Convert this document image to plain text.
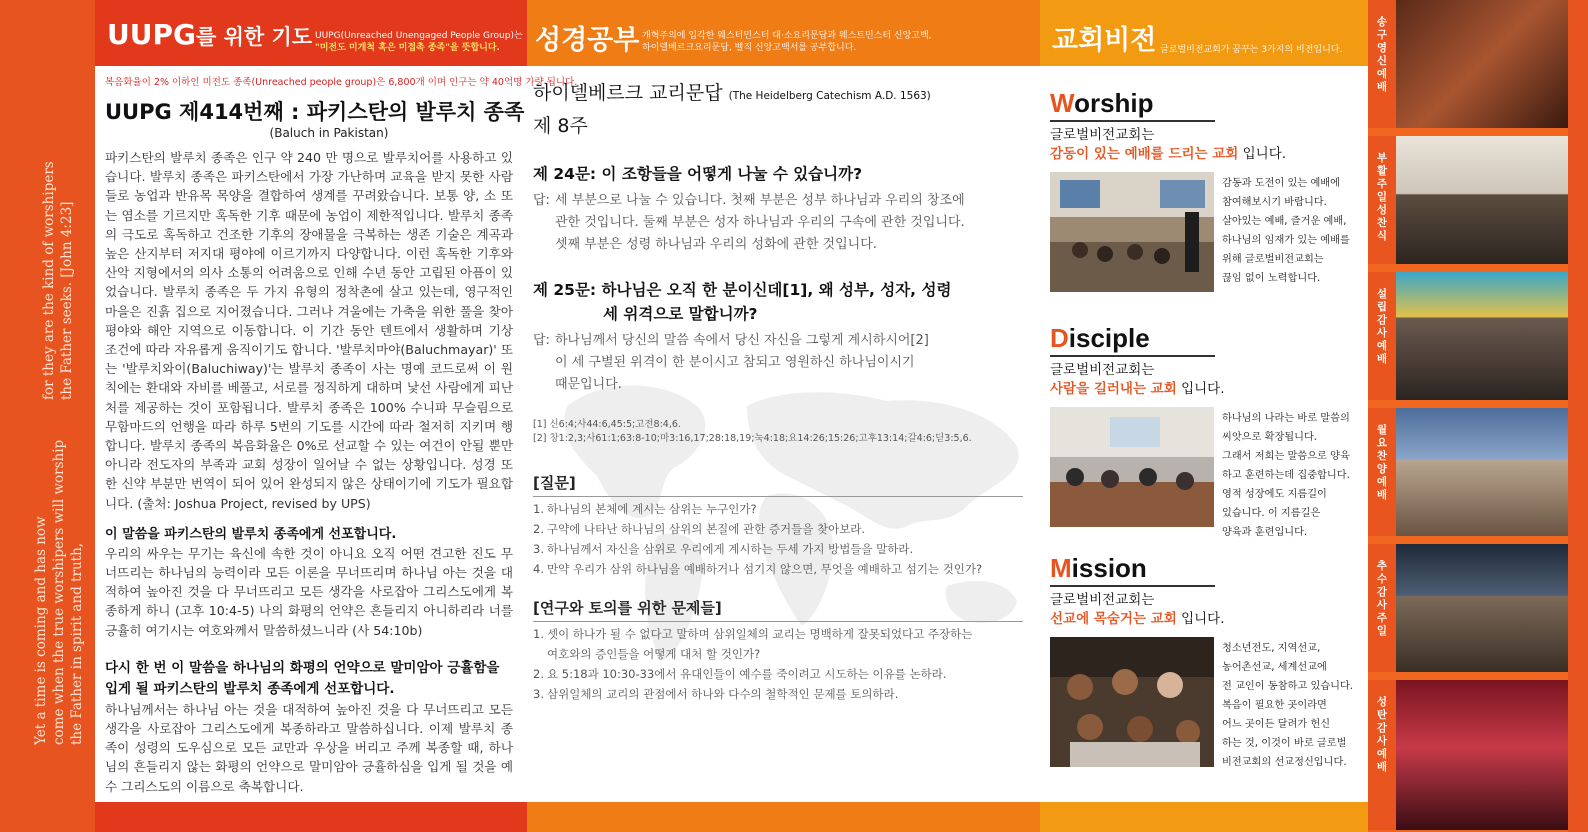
for they are the kind of worshipers the Father seeks. [John 4:23]
Yet a time is coming and has now come when the true worshipers will worship the Father in spirit and truth,
UUPG를 위한 기도 UUPG(Unreached Unengaged People Group)는
"미전도 미개척 혹은 미접촉 종족"을 뜻합니다.	성경공부 개혁주의에 입각한 웨스터민스터 대·소요리문답과 웨스트민스터 신앙고백,
하이델베르크요리문답, 벨직 신앙고백서를 공부합니다.	교회비전 글로벌비전교회가 꿈꾸는 3가지의 비전입니다.
복음화율이 2% 이하인 미전도 종족(Unreached people group)은 6,800개 이며 인구는 약 40억명 가량 됩니다.
UUPG 제414번째 : 파키스탄의 발루치 종족
(Baluch in Pakistan)
파키스탄의 발루치 종족은 인구 약 240 만 명으로 발루치어를 사용하고 있습니다. 발루치 종족은 파키스탄에서 가장 가난하며 교육을 받지 못한 사람들로 농업과 반유목 목양을 결합하여 생계를 꾸려왔습니다. 보통 양, 소 또는 염소를 기르지만 혹독한 기후 때문에 농업이 제한적입니다. 발루치 종족의 극도로 혹독하고 건조한 기후의 장애물을 극복하는 생존 기술은 계곡과 높은 산지부터 저지대 평야에 이르기까지 다양합니다. 이런 혹독한 기후와 산악 지형에서의 의사 소통의 어려움으로 인해 수년 동안 고립된 아픔이 있었습니다. 발루치 종족은 두 가지 유형의 정착촌에 살고 있는데, 영구적인 마을은 진흙 집으로 지어졌습니다. 그러나 겨울에는 가축을 위한 풀을 찾아 평야와 해안 지역으로 이동합니다. 이 기간 동안 텐트에서 생활하며 기상 조건에 따라 자유롭게 움직이기도 합니다. '발루치마야(Baluchmayar)' 또는 '발루치와이(Baluchiway)'는 발루치 종족이 사는 명예 코드로써 이 원칙에는 환대와 자비를 베풀고, 서로를 정직하게 대하며 낯선 사람에게 피난처를 제공하는 것이 포함됩니다. 발루치 종족은 100% 수니파 무슬림으로 무함마드의 언행을 따라 하루 5번의 기도를 시간에 따라 철저히 지키며 행합니다. 발루치 종족의 복음화율은 0%로 선교할 수 있는 여건이 안될 뿐만 아니라 전도자의 부족과 교회 성장이 일어날 수 없는 상황입니다. 성경 또한 신약 부분만 번역이 되어 있어 완성되지 않은 상태이기에 기도가 필요합니다. (출처: Joshua Project, revised by UPS)
이 말씀을 파키스탄의 발루치 종족에게 선포합니다.
우리의 싸우는 무기는 육신에 속한 것이 아니요 오직 어떤 견고한 진도 무너뜨리는 하나님의 능력이라 모든 이론을 무너뜨리며 하나님 아는 것을 대적하여 높아진 것을 다 무너뜨리고 모든 생각을 사로잡아 그리스도에게 복종하게 하니 (고후 10:4-5) 나의 화평의 언약은 흔들리지 아니하리라 너를 긍휼히 여기시는 여호와께서 말씀하셨느니라 (사 54:10b)
다시 한 번 이 말씀을 하나님의 화평의 언약으로 말미암아 긍휼함을 입게 될 파키스탄의 발루치 종족에게 선포합니다.
하나님께서는 하나님 아는 것을 대적하여 높아진 것을 다 무너뜨리고 모든 생각을 사로잡아 그리스도에게 복종하라고 말씀하십니다. 이제 발루치 종족이 성령의 도우심으로 모든 교만과 우상을 버리고 주께 복종할 때, 하나님의 흔들리지 않는 화평의 언약으로 말미암아 긍휼하심을 입게 될 것을 예수 그리스도의 이름으로 축복합니다.
하이델베르크 교리문답 (The Heidelberg Catechism A.D. 1563)
제 8주
제 24문: 이 조항들을 어떻게 나눌 수 있습니까?
답: 세 부분으로 나눌 수 있습니다. 첫째 부분은 성부 하나님과 우리의 창조에
관한 것입니다. 둘째 부분은 성자 하나님과 우리의 구속에 관한 것입니다.
셋째 부분은 성령 하나님과 우리의 성화에 관한 것입니다.
제 25문: 하나님은 오직 한 분이신데[1], 왜 성부, 성자, 성령
세 위격으로 말합니까?
답: 하나님께서 당신의 말씀 속에서 당신 자신을 그렇게 계시하시어[2]
이 세 구별된 위격이 한 분이시고 참되고 영원하신 하나님이시기
때문입니다.
[1] 신6:4;사44:6,45:5;고전8:4,6.
[2] 창1:2,3;사61:1;63:8-10;마3:16,17;28:18,19;눅4:18;요14:26;15:26;고후13:14;갈4:6;딛3:5,6.
[질문]
1. 하나님의 본체에 계시는 삼위는 누구인가?
2. 구약에 나타난 하나님의 삼위의 본질에 관한 증거들을 찾아보라.
3. 하나님께서 자신을 삼위로 우리에게 계시하는 두세 가지 방법들을 말하라.
4. 만약 우리가 삼위 하나님을 예배하거나 섬기지 않으면, 무엇을 예배하고 섬기는 것인가?
[연구와 토의를 위한 문제들]
1. 셋이 하나가 될 수 없다고 말하며 삼위일체의 교리는 명백하게 잘못되었다고 주장하는
여호와의 증인들을 어떻게 대처 할 것인가?
2. 요 5:18과 10:30-33에서 유대인들이 예수를 죽이려고 시도하는 이유를 논하라.
3. 삼위일체의 교리의 관점에서 하나와 다수의 철학적인 문제를 토의하라.
Worship
글로벌비전교회는
감동이 있는 예배를 드리는 교회 입니다.
감동과 도전이 있는 예배에
참여해보시기 바랍니다.
살아있는 예배, 즐거운 예배,
하나님의 임재가 있는 예배를
위해 글로벌비전교회는
끊임 없이 노력합니다.
Disciple
글로벌비전교회는
사람을 길러내는 교회 입니다.
하나님의 나라는 바로 말씀의
씨앗으로 확장됩니다.
그래서 저희는 말씀으로 양육
하고 훈련하는데 집중합니다.
영적 성장에도 지름길이
있습니다. 이 지름길은
양육과 훈련입니다.
Mission
글로벌비전교회는
선교에 목숨거는 교회 입니다.
청소년전도, 지역선교,
농어촌선교, 세계선교에
전 교인이 동참하고 있습니다.
복음이 필요한 곳이라면
어느 곳이든 달려가 헌신
하는 것, 이것이 바로 글로벌
비전교회의 선교정신입니다.
송구영신예배
부활주일 성찬식
설립감사예배
월요찬양예배
추수감사주일
성탄감사예배
